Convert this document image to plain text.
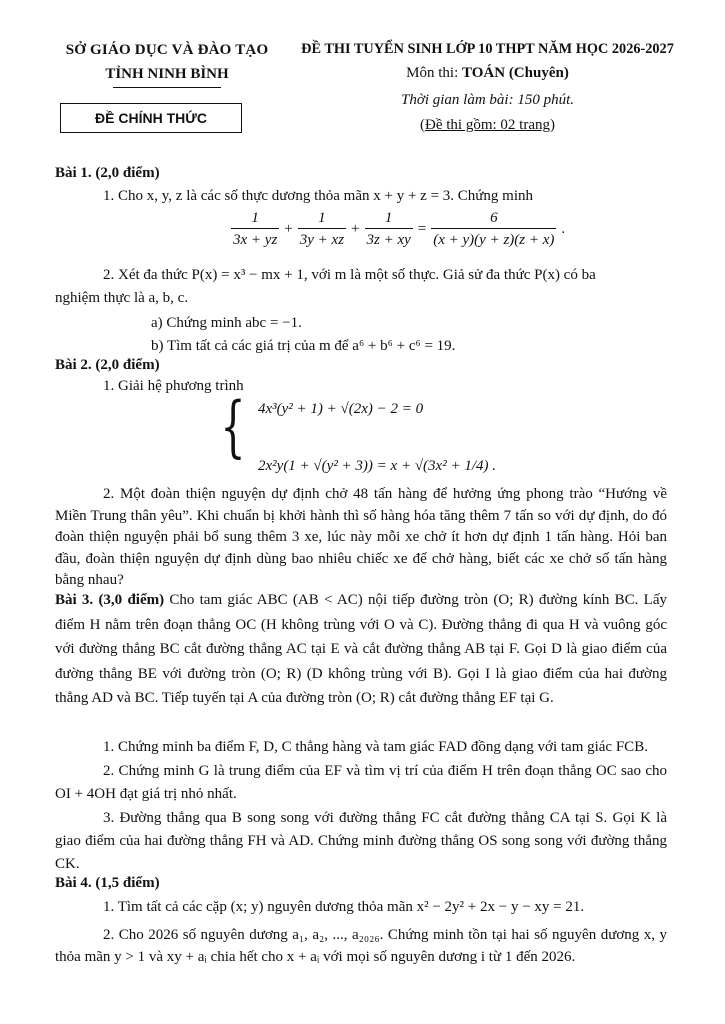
SỞ GIÁO DỤC VÀ ĐÀO TẠO
TỈNH NINH BÌNH
ĐỀ CHÍNH THỨC
ĐỀ THI TUYỂN SINH LỚP 10 THPT NĂM HỌC 2026-2027
Môn thi: TOÁN (Chuyên)
Thời gian làm bài: 150 phút.
(Đề thi gồm: 02 trang)
Bài 1. (2,0 điểm)
1. Cho x, y, z là các số thực dương thỏa mãn x + y + z = 3. Chứng minh
$\frac{1}{3x + yz} + \frac{1}{3y + xz} + \frac{1}{3z + xy} = \frac{6}{(x + y)(y + z)(z + x)}$ .
2. Xét đa thức P(x) = x³ − mx + 1, với m là một số thực. Giả sử đa thức P(x) có ba
nghiệm thực là a, b, c.
a) Chứng minh abc = −1.
b) Tìm tất cả các giá trị của m để a⁶ + b⁶ + c⁶ = 19.
Bài 2. (2,0 điểm)
1. Giải hệ phương trình
{ 4x³(y² + 1) + √(2x) − 2 = 0
2x²y(1 + √(y² + 3)) = x + √(3x² + 1/4) .
2. Một đoàn thiện nguyện dự định chở 48 tấn hàng để hưởng ứng phong trào “Hướng về Miền Trung thân yêu”. Khi chuẩn bị khởi hành thì số hàng hóa tăng thêm 7 tấn so với dự định, do đó đoàn thiện nguyện phải bổ sung thêm 3 xe, lúc này mỗi xe chở ít hơn dự định 1 tấn hàng. Hỏi ban đầu, đoàn thiện nguyện dự định dùng bao nhiêu chiếc xe để chở hàng, biết các xe chở số tấn hàng bằng nhau?
Bài 3. (3,0 điểm) Cho tam giác ABC (AB < AC) nội tiếp đường tròn (O; R) đường kính BC. Lấy điểm H nằm trên đoạn thẳng OC (H không trùng với O và C). Đường thẳng đi qua H và vuông góc với đường thẳng BC cắt đường thẳng AC tại E và cắt đường thẳng AB tại F. Gọi D là giao điểm của đường thẳng BE với đường tròn (O; R) (D không trùng với B). Gọi I là giao điểm của hai đường thẳng AD và BC. Tiếp tuyến tại A của đường tròn (O; R) cắt đường thẳng EF tại G.
1. Chứng minh ba điểm F, D, C thẳng hàng và tam giác FAD đồng dạng với tam giác FCB.
2. Chứng minh G là trung điểm của EF và tìm vị trí của điểm H trên đoạn thẳng OC sao cho OI + 4OH đạt giá trị nhỏ nhất.
3. Đường thẳng qua B song song với đường thẳng FC cắt đường thẳng CA tại S. Gọi K là giao điểm của hai đường thẳng FH và AD. Chứng minh đường thẳng OS song song với đường thẳng CK.
Bài 4. (1,5 điểm)
1. Tìm tất cả các cặp (x; y) nguyên dương thỏa mãn x² − 2y² + 2x − y − xy = 21.
2. Cho 2026 số nguyên dương a₁, a₂, ..., a₂₀₂₆. Chứng minh tồn tại hai số nguyên dương x, y thỏa mãn y > 1 và xy + aᵢ chia hết cho x + aᵢ với mọi số nguyên dương i từ 1 đến 2026.
